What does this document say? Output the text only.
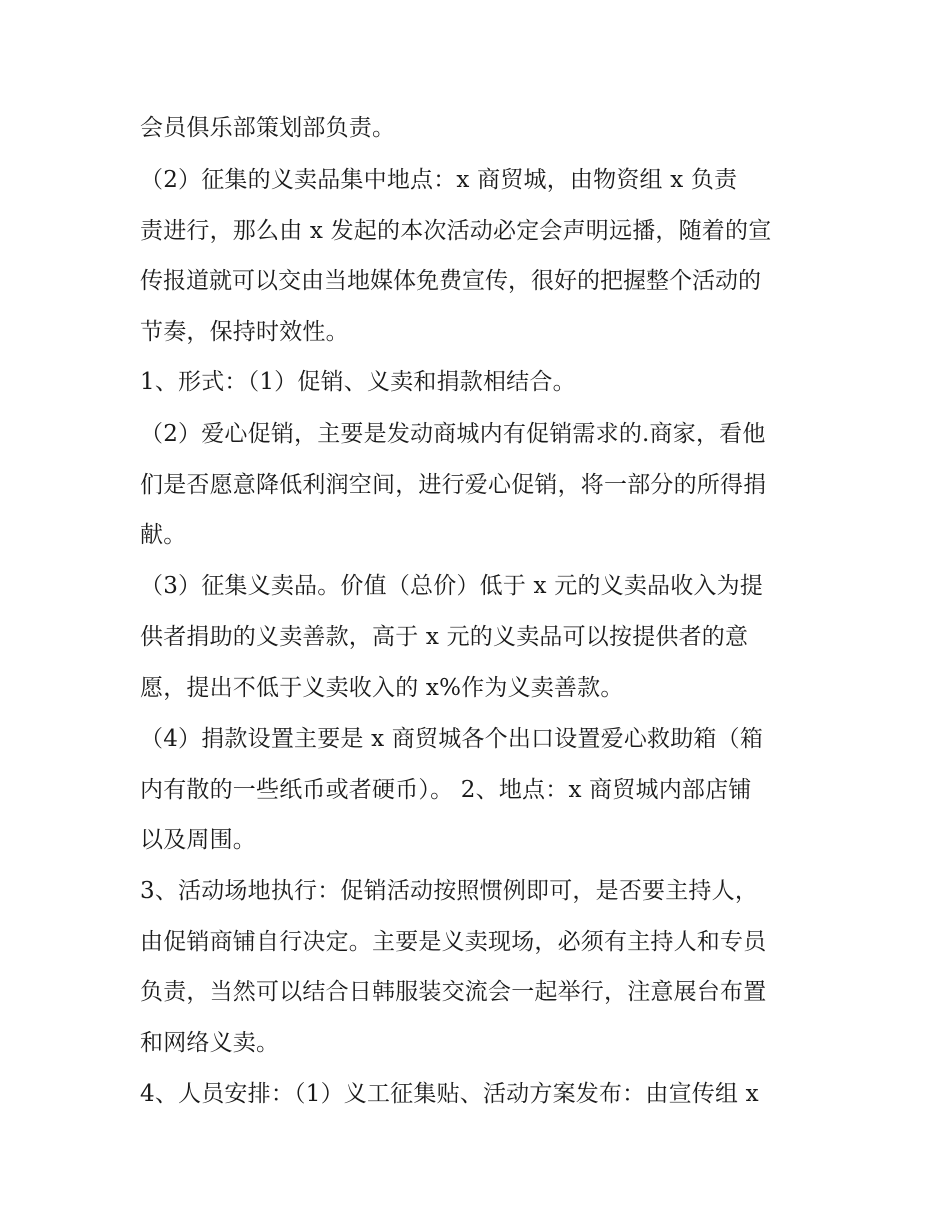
会员俱乐部策划部负责。
（2）征集的义卖品集中地点：x 商贸城，由物资组 x 负责
责进行，那么由 x 发起的本次活动必定会声明远播，随着的宣
传报道就可以交由当地媒体免费宣传，很好的把握整个活动的
节奏，保持时效性。
1、形式：（1）促销、义卖和捐款相结合。
（2）爱心促销，主要是发动商城内有促销需求的.商家，看他
们是否愿意降低利润空间，进行爱心促销，将一部分的所得捐
献。
（3）征集义卖品。价值（总价）低于 x 元的义卖品收入为提
供者捐助的义卖善款，高于 x 元的义卖品可以按提供者的意
愿，提出不低于义卖收入的 x%作为义卖善款。
（4）捐款设置主要是 x 商贸城各个出口设置爱心救助箱（箱
内有散的一些纸币或者硬币）。 2、地点：x 商贸城内部店铺
以及周围。
3、活动场地执行：促销活动按照惯例即可，是否要主持人，
由促销商铺自行决定。主要是义卖现场，必须有主持人和专员
负责，当然可以结合日韩服装交流会一起举行，注意展台布置
和网络义卖。
4、人员安排：（1）义工征集贴、活动方案发布：由宣传组 x
